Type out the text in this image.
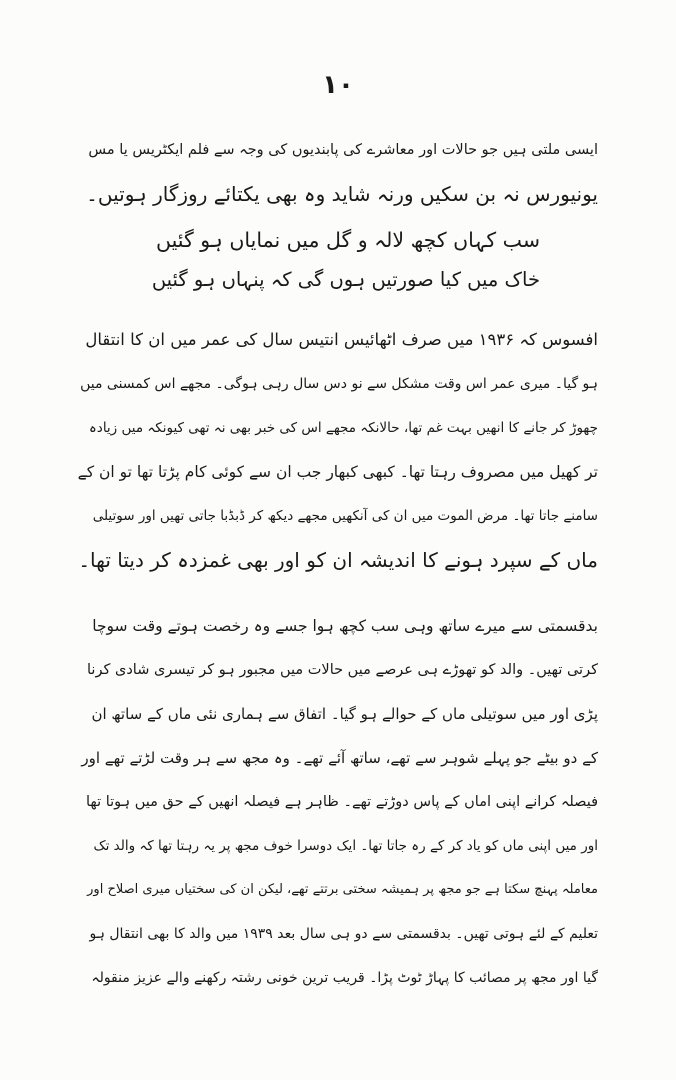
١٠
ایسی ملتی ہیں جو حالات اور معاشرے کی پابندیوں کی وجہ سے فلم ایکٹریس یا مس
یونیورس نہ بن سکیں ورنہ شاید وہ بھی یکتائے روزگار ہوتیں۔
سب کہاں کچھ لالہ و گل میں نمایاں ہو گئیں
خاک میں کیا صورتیں ہوں گی کہ پنہاں ہو گئیں
افسوس کہ ۱۹۳۶ میں صرف اٹھائیس انتیس سال کی عمر میں ان کا انتقال
ہو گیا۔ میری عمر اس وقت مشکل سے نو دس سال رہی ہوگی۔ مجھے اس کمسنی میں
چھوڑ کر جانے کا انھیں بہت غم تھا، حالانکہ مجھے اس کی خبر بھی نہ تھی کیونکہ میں زیادہ
تر کھیل میں مصروف رہتا تھا۔ کبھی کبھار جب ان سے کوئی کام پڑتا تھا تو ان کے
سامنے جاتا تھا۔ مرض الموت میں ان کی آنکھیں مجھے دیکھ کر ڈبڈبا جاتی تھیں اور سوتیلی
ماں کے سپرد ہونے کا اندیشہ ان کو اور بھی غمزدہ کر دیتا تھا۔
بدقسمتی سے میرے ساتھ وہی سب کچھ ہوا جسے وہ رخصت ہوتے وقت سوچا
کرتی تھیں۔ والد کو تھوڑے ہی عرصے میں حالات میں مجبور ہو کر تیسری شادی کرنا
پڑی اور میں سوتیلی ماں کے حوالے ہو گیا۔ اتفاق سے ہماری نئی ماں کے ساتھ ان
کے دو بیٹے جو پہلے شوہر سے تھے، ساتھ آئے تھے۔ وہ مجھ سے ہر وقت لڑتے تھے اور
فیصلہ کرانے اپنی اماں کے پاس دوڑتے تھے۔ ظاہر ہے فیصلہ انھیں کے حق میں ہوتا تھا
اور میں اپنی ماں کو یاد کر کے رہ جاتا تھا۔ ایک دوسرا خوف مجھ پر یہ رہتا تھا کہ والد تک
معاملہ پہنچ سکتا ہے جو مجھ پر ہمیشہ سختی برتتے تھے، لیکن ان کی سختیاں میری اصلاح اور
تعلیم کے لئے ہوتی تھیں۔ بدقسمتی سے دو ہی سال بعد ۱۹۳۹ میں والد کا بھی انتقال ہو
گیا اور مجھ پر مصائب کا پہاڑ ٹوٹ پڑا۔ قریب ترین خونی رشتہ رکھنے والے عزیز منقولہ
